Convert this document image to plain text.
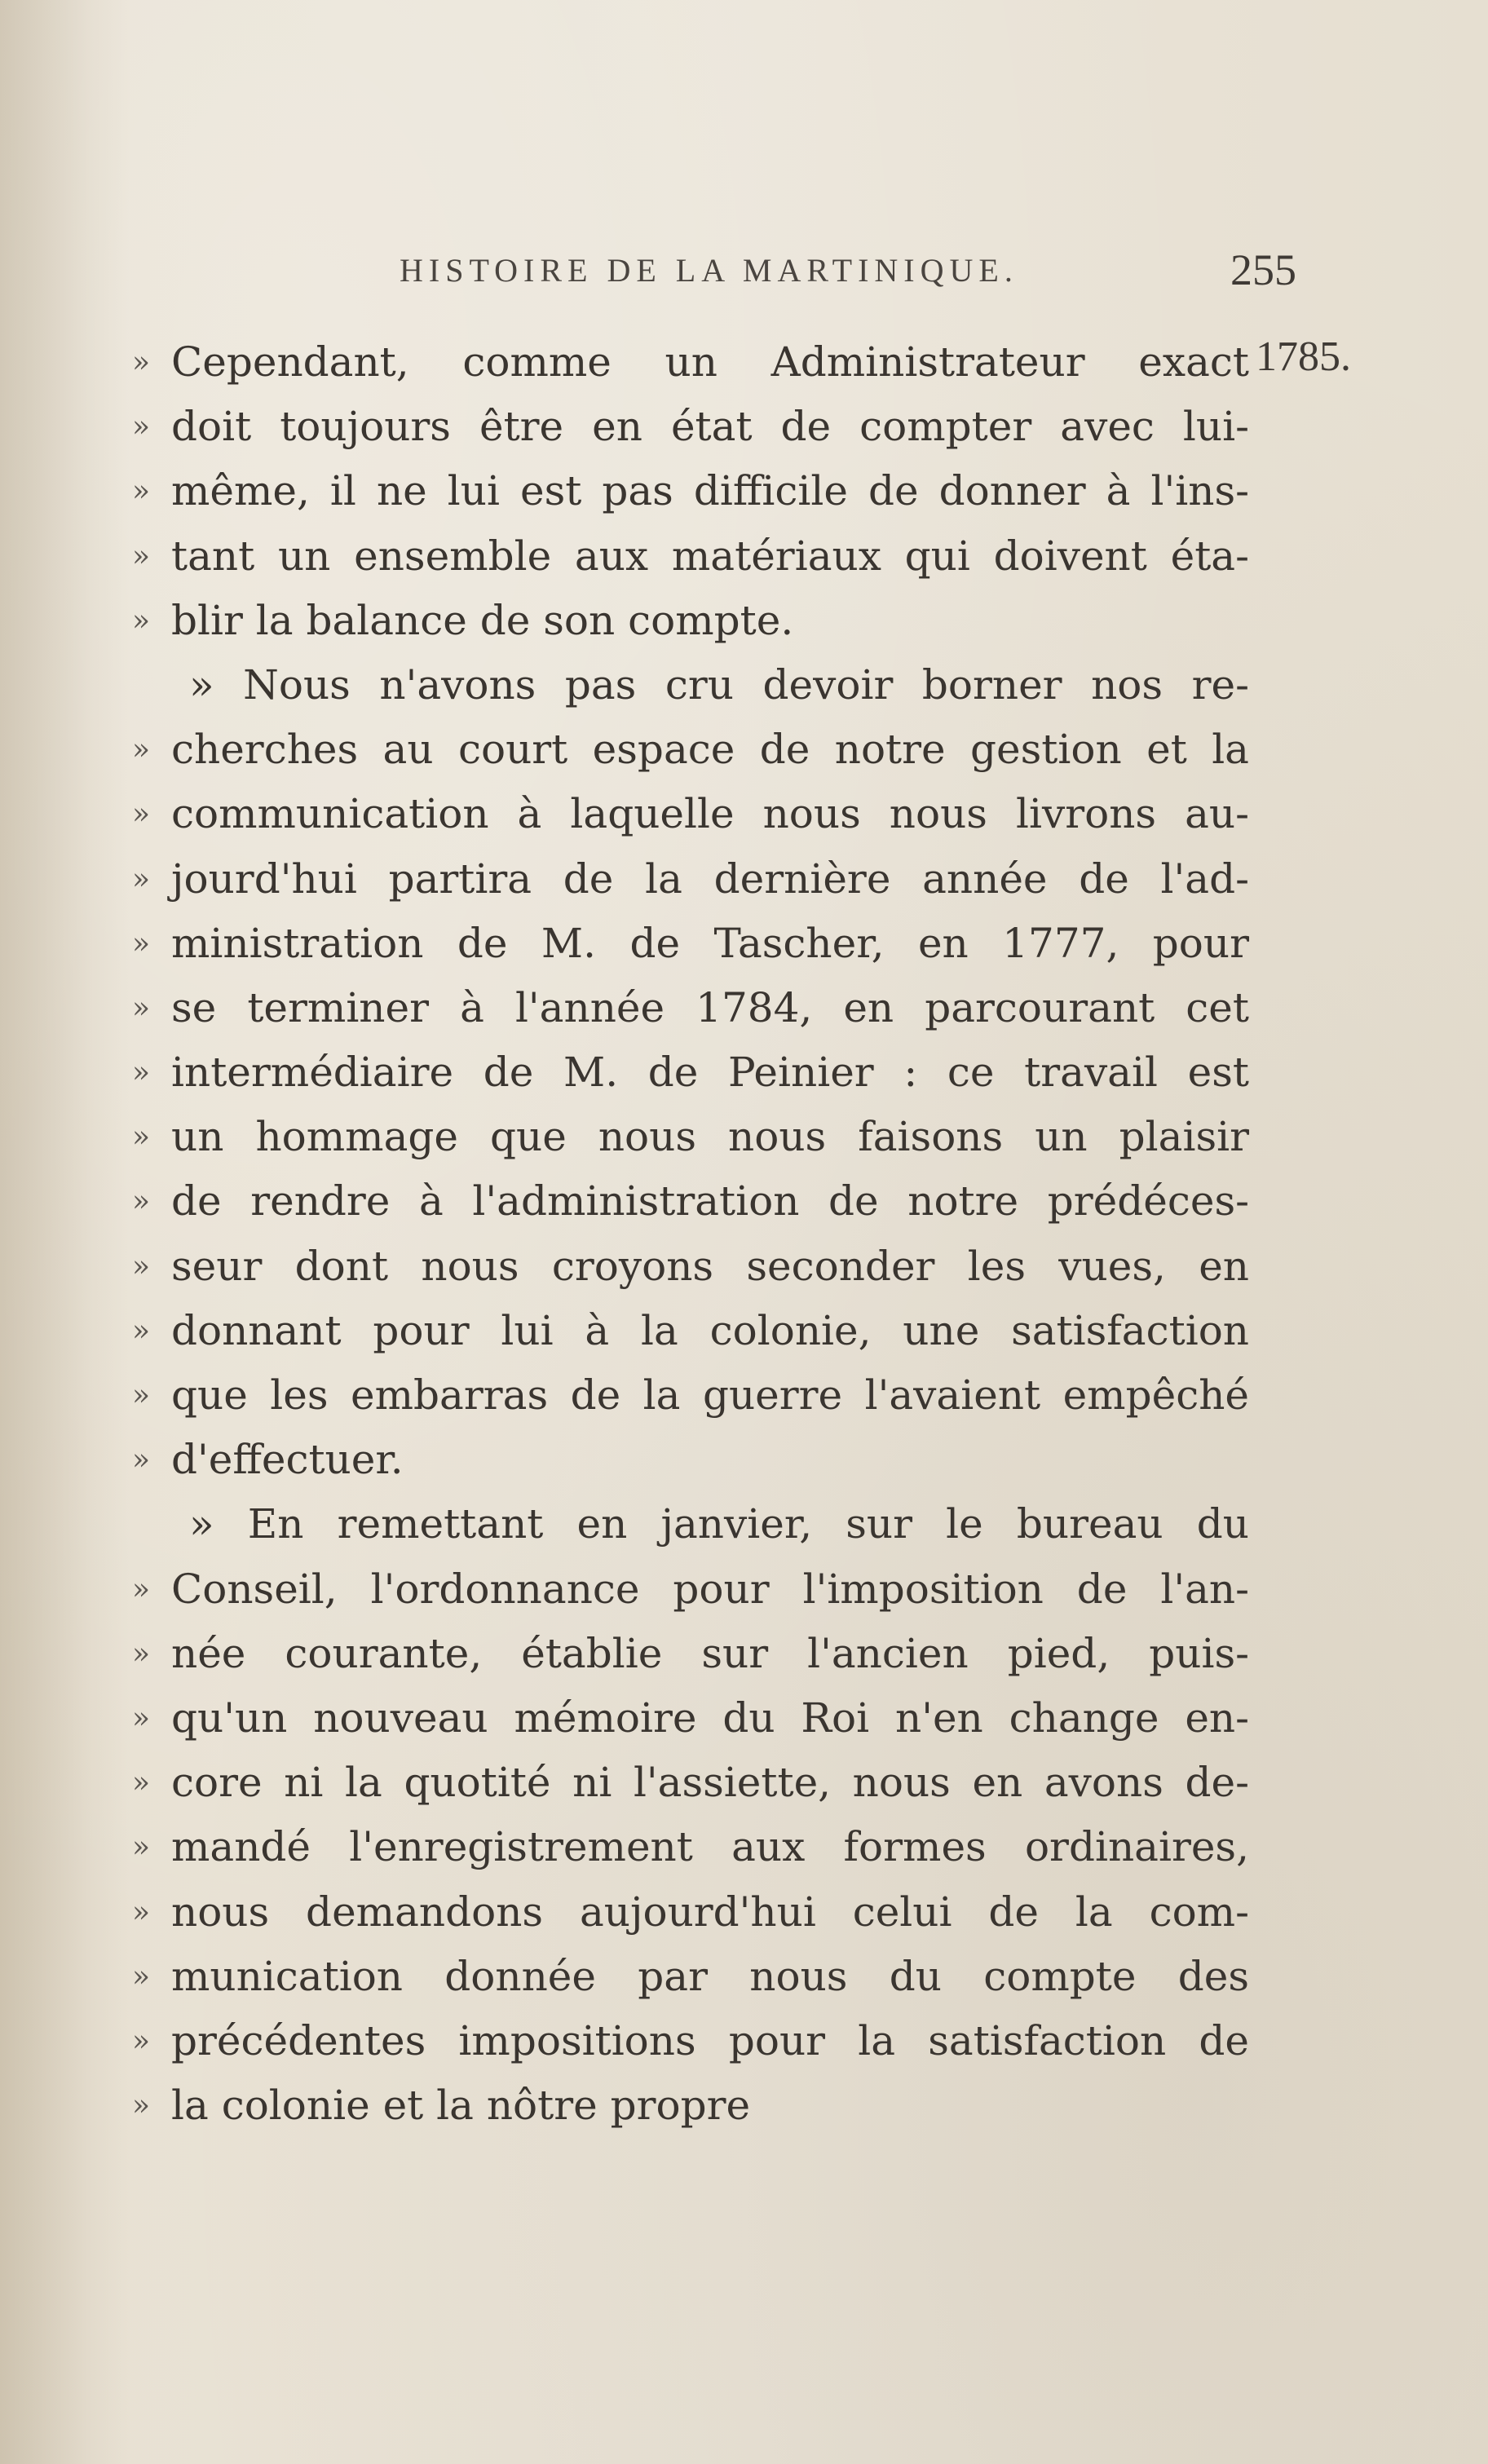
HISTOIRE DE LA MARTINIQUE.	255
1785.
» Cependant, comme un Administrateur exact
» doit toujours être en état de compter avec lui-
» même, il ne lui est pas difficile de donner à l'ins-
» tant un ensemble aux matériaux qui doivent éta-
» blir la balance de son compte.
» Nous n'avons pas cru devoir borner nos re-
» cherches au court espace de notre gestion et la
» communication à laquelle nous nous livrons au-
» jourd'hui partira de la dernière année de l'ad-
» ministration de M. de Tascher, en 1777, pour
» se terminer à l'année 1784, en parcourant cet
» intermédiaire de M. de Peinier : ce travail est
» un hommage que nous nous faisons un plaisir
» de rendre à l'administration de notre prédéces-
» seur dont nous croyons seconder les vues, en
» donnant pour lui à la colonie, une satisfaction
» que les embarras de la guerre l'avaient empêché
» d'effectuer.
» En remettant en janvier, sur le bureau du
» Conseil, l'ordonnance pour l'imposition de l'an-
» née courante, établie sur l'ancien pied, puis-
» qu'un nouveau mémoire du Roi n'en change en-
» core ni la quotité ni l'assiette, nous en avons de-
» mandé l'enregistrement aux formes ordinaires,
» nous demandons aujourd'hui celui de la com-
» munication donnée par nous du compte des
» précédentes impositions pour la satisfaction de
» la colonie et la nôtre propre
